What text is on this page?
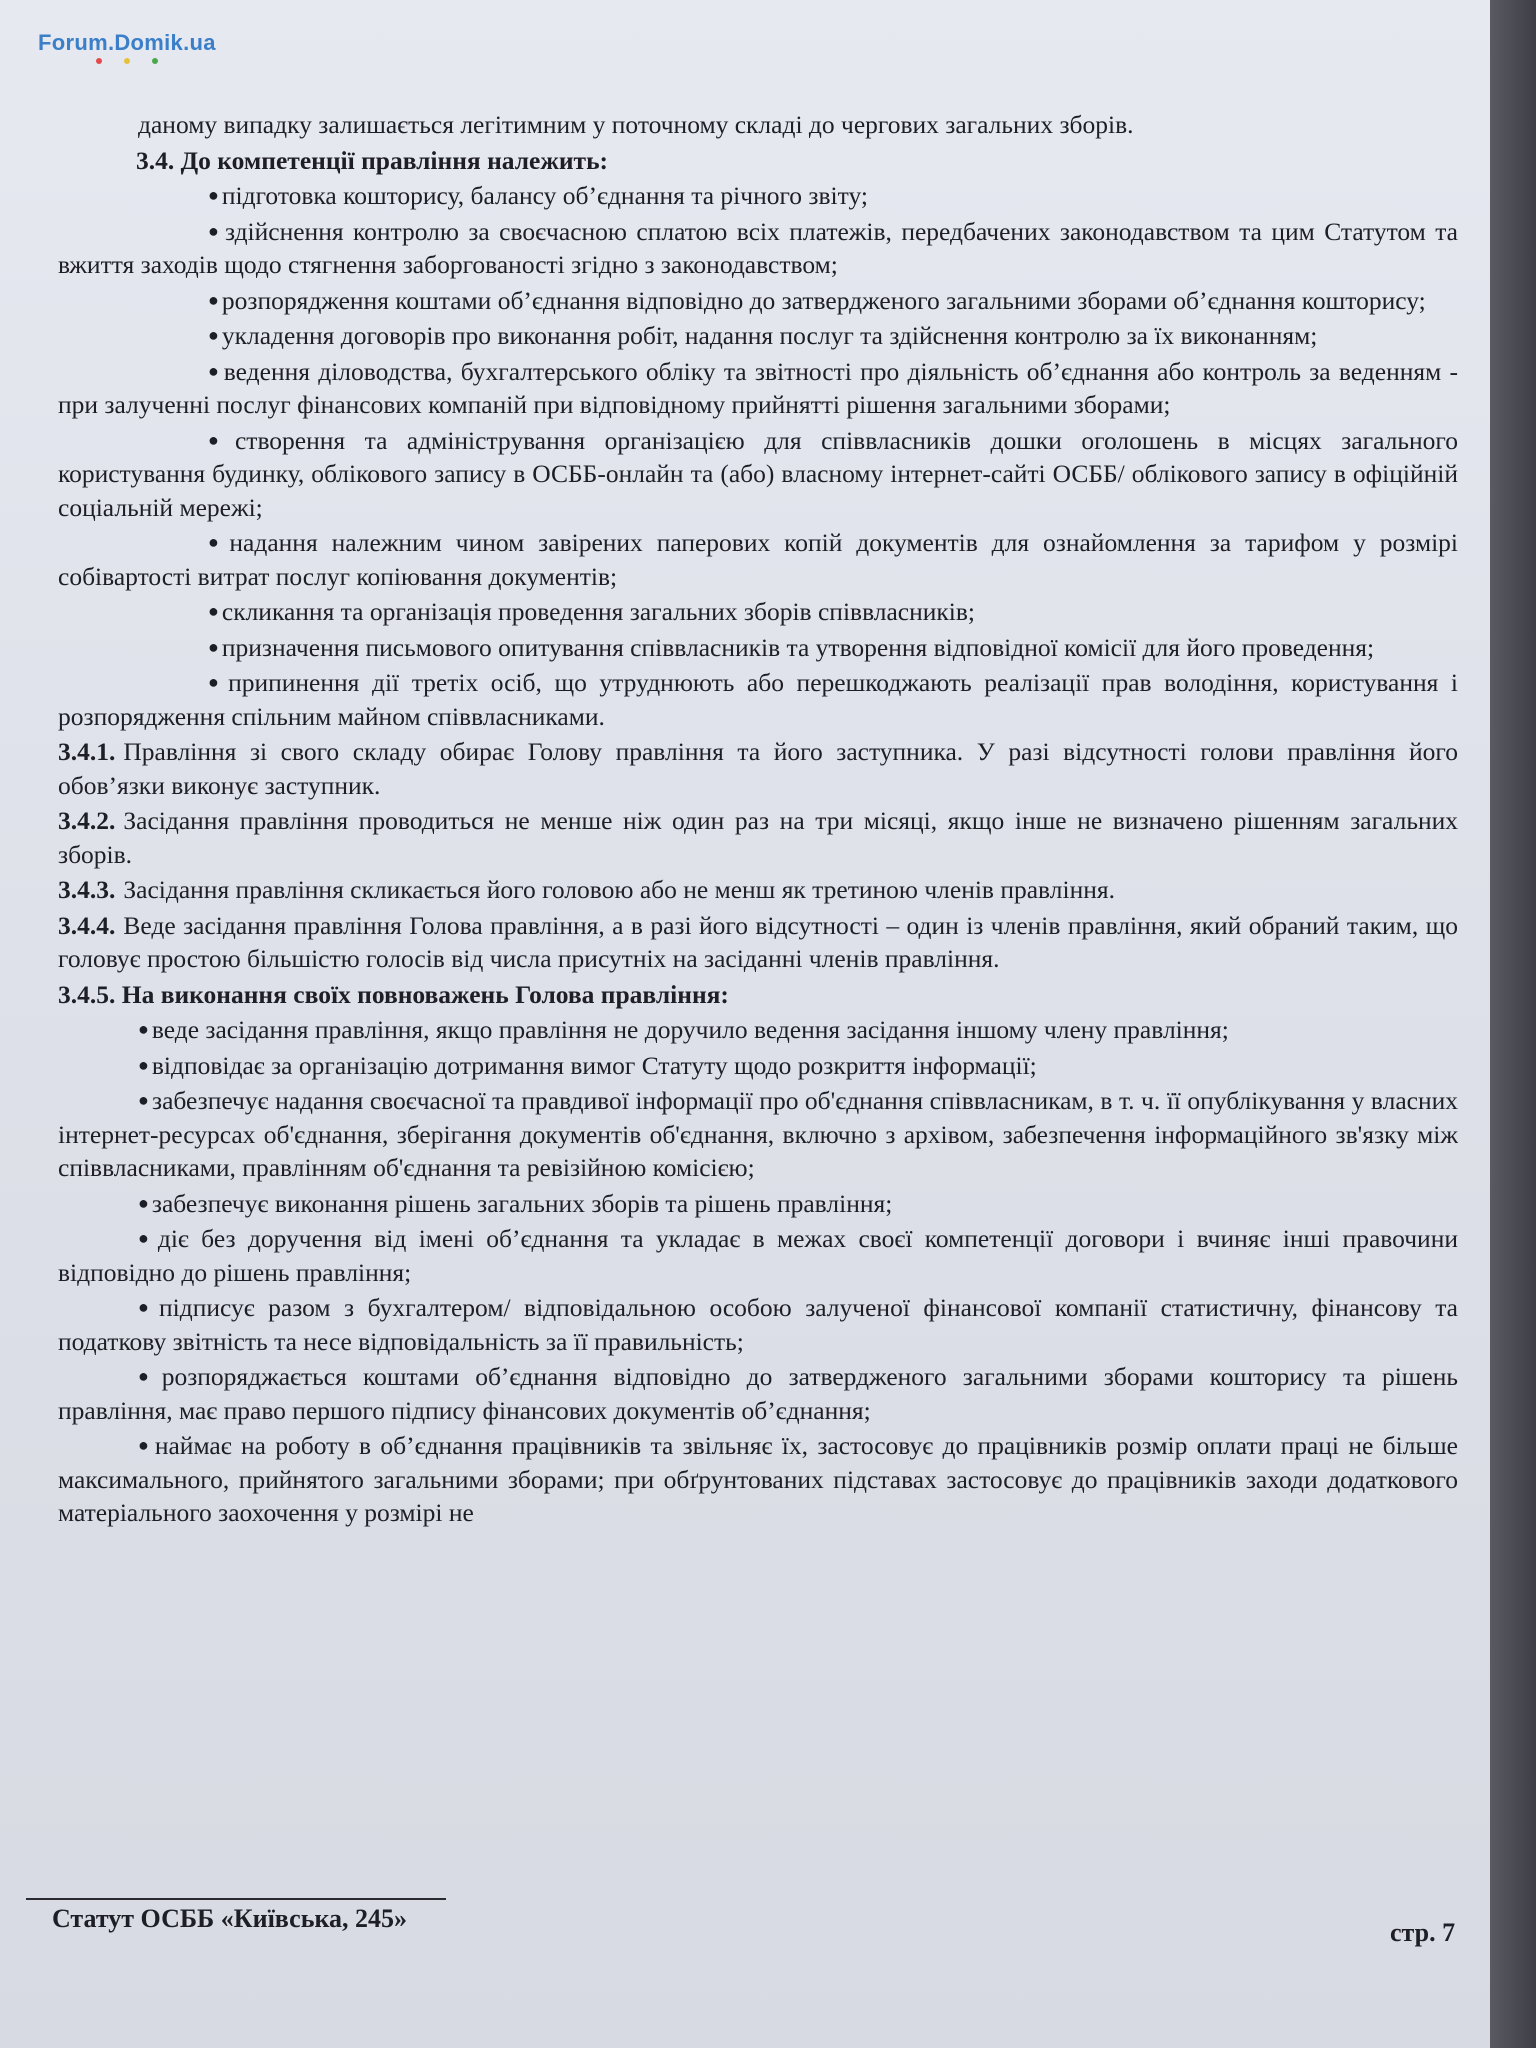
Forum.Domik.ua

даному випадку залишається легітимним у поточному складі до чергових загальних зборів.

3.4. До компетенції правління належить:

● підготовка кошторису, балансу об’єднання та річного звіту;

● здійснення контролю за своєчасною сплатою всіх платежів, передбачених законодавством та цим Статутом та вжиття заходів щодо стягнення заборгованості згідно з законодавством;

● розпорядження коштами об’єднання відповідно до затвердженого загальними зборами об’єднання кошторису;

● укладення договорів про виконання робіт, надання послуг та здійснення контролю за їх виконанням;

● ведення діловодства, бухгалтерського обліку та звітності про діяльність об’єднання або контроль за веденням - при залученні послуг фінансових компаній при відповідному прийнятті рішення загальними зборами;

● створення та адміністрування організацією для співвласників дошки оголошень в місцях загального користування будинку, облікового запису в ОСББ-онлайн та (або) власному інтернет-сайті ОСББ/ облікового запису в офіційній соціальній мережі;

● надання належним чином завірених паперових копій документів для ознайомлення за тарифом у розмірі собівартості витрат послуг копіювання документів;

● скликання та організація проведення загальних зборів співвласників;

● призначення письмового опитування співвласників та утворення відповідної комісії для його проведення;

● припинення дії третіх осіб, що утруднюють або перешкоджають реалізації прав володіння, користування і розпорядження спільним майном співвласниками.

3.4.1. Правління зі свого складу обирає Голову правління та його заступника. У разі відсутності голови правління його обов’язки виконує заступник.

3.4.2. Засідання правління проводиться не менше ніж один раз на три місяці, якщо інше не визначено рішенням загальних зборів.

3.4.3. Засідання правління скликається його головою або не менш як третиною членів правління.

3.4.4. Веде засідання правління Голова правління, а в разі його відсутності – один із членів правління, який обраний таким, що головує простою більшістю голосів від числа присутніх на засіданні членів правління.

3.4.5. На виконання своїх повноважень Голова правління:

● веде засідання правління, якщо правління не доручило ведення засідання іншому члену правління;

● відповідає за організацію дотримання вимог Статуту щодо розкриття інформації;

● забезпечує надання своєчасної та правдивої інформації про об'єднання співвласникам, в т. ч. її опублікування у власних інтернет-ресурсах об'єднання, зберігання документів об'єднання, включно з архівом, забезпечення інформаційного зв'язку між співвласниками, правлінням об'єднання та ревізійною комісією;

● забезпечує виконання рішень загальних зборів та рішень правління;

● діє без доручення від імені об’єднання та укладає в межах своєї компетенції договори і вчиняє інші правочини відповідно до рішень правління;

● підписує разом з бухгалтером/ відповідальною особою залученої фінансової компанії статистичну, фінансову та податкову звітність та несе відповідальність за її правильність;

● розпоряджається коштами об’єднання відповідно до затвердженого загальними зборами кошторису та рішень правління, має право першого підпису фінансових документів об’єднання;

● наймає на роботу в об’єднання працівників та звільняє їх, застосовує до працівників розмір оплати праці не більше максимального, прийнятого загальними зборами; при обґрунтованих підставах застосовує до працівників заходи додаткового матеріального заохочення у розмірі не

Статут ОСББ «Київська, 245»	стр. 7
